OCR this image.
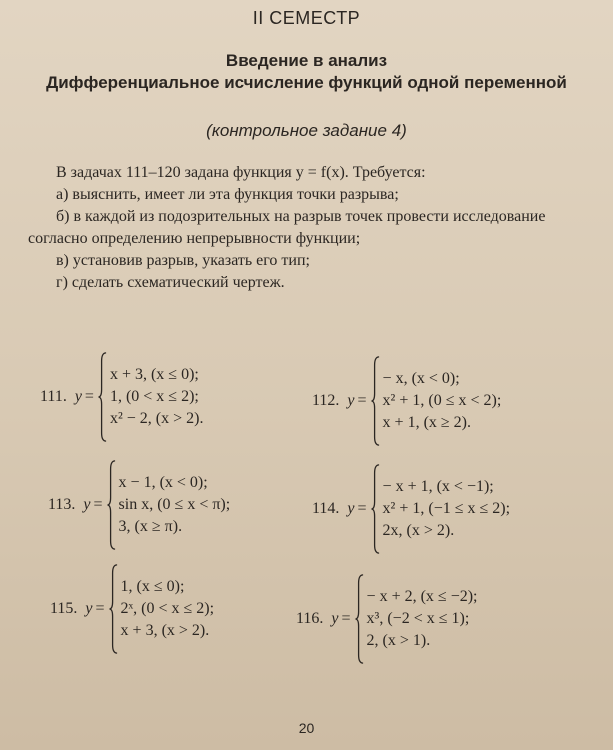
II СЕМЕСТР
Введение в анализ
Дифференциальное исчисление функций одной переменной
(контрольное задание 4)

В задачах 111–120 задана функция y = f(x). Требуется:

а) выяснить, имеет ли эта функция точки разрыва;

б) в каждой из подозрительных на разрыв точек провести исследование согласно определению непрерывности функции;

в) установив разрыв, указать его тип;

г) сделать схематический чертеж.

111. y =
x + 3, (x ≤ 0);
1, (0 < x ≤ 2);
x² − 2, (x > 2).
112. y =
− x, (x < 0);
x² + 1, (0 ≤ x < 2);
x + 1, (x ≥ 2).
113. y =
x − 1, (x < 0);
sin x, (0 ≤ x < π);
3, (x ≥ π).
114. y =
− x + 1, (x < −1);
x² + 1, (−1 ≤ x ≤ 2);
2x, (x > 2).
115. y =
1, (x ≤ 0);
2ˣ, (0 < x ≤ 2);
x + 3, (x > 2).
116. y =
− x + 2, (x ≤ −2);
x³, (−2 < x ≤ 1);
2, (x > 1).
20
